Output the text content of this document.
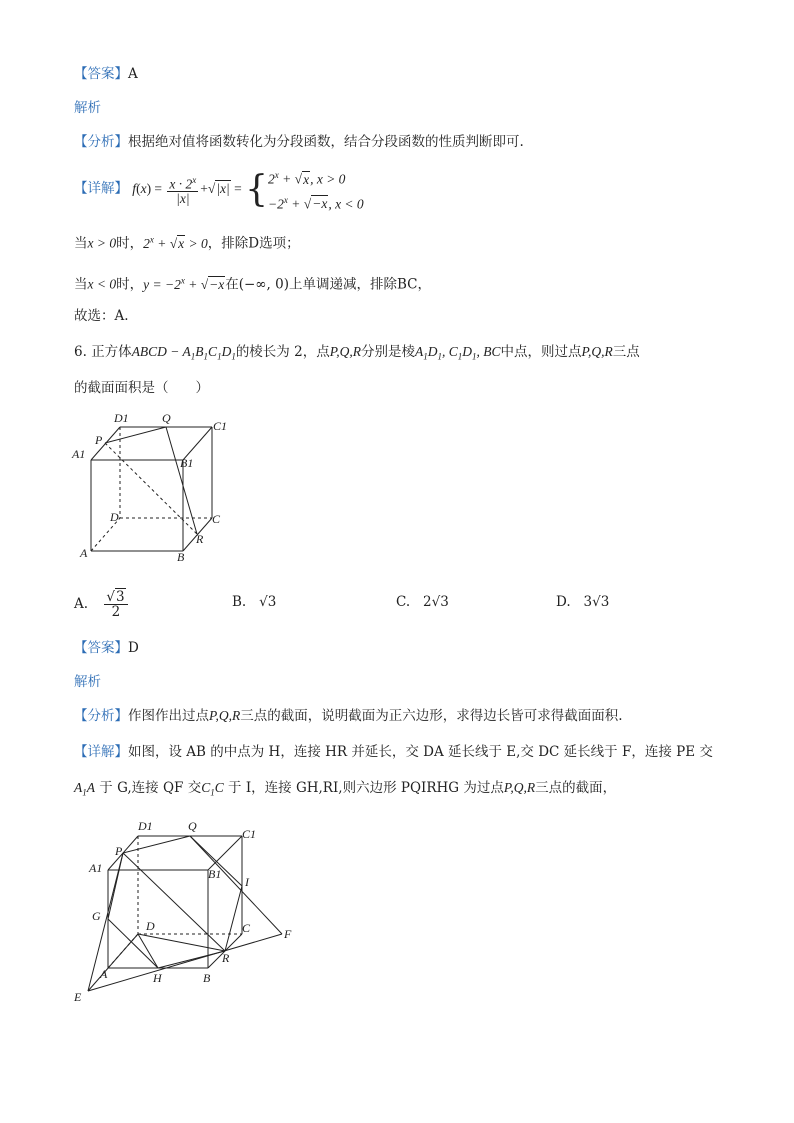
【答案】A
解析
【分析】根据绝对值将函数转化为分段函数，结合分段函数的性质判断即可.
【详解】 $f(x) = \frac{x \cdot 2^x}{|x|} +√|x|$ = { $2^x + √x$, x > 0
$-2^x + √-x$, x < 0
当x > 0时，$2^x + √x > 0$，排除D选项；
当x < 0时，$y = -2^x + √-x$在(−∞, 0)上单调递减，排除BC，
故选：A.
6. 正方体ABCD − $A_1B_1C_1D_1$的棱长为 2，点P,Q,R分别是棱$A_1D_1$, $C_1D_1$, BC中点，则过点P,Q,R三点
的截面面积是（　　）
D1	Q
C1
P
A1
B1
D	C
R
A	B
A. $\frac{√3}{2}$	B. √3	C. 2√3	D. 3√3
【答案】D
解析
【分析】作图作出过点P,Q,R三点的截面，说明截面为正六边形，求得边长皆可求得截面面积.
【详解】如图，设 AB 的中点为 H，连接 HR 并延长，交 DA 延长线于 E,交 DC 延长线于 F，连接 PE 交
$A_1A$ 于 G,连接 QF 交$C_1C$ 于 I，连接 GH,RI,则六边形 PQIRHG 为过点P,Q,R三点的截面，
D1	Q
C1
P
A1	B1
I
G
D	C	F
R
A	H	B
E
